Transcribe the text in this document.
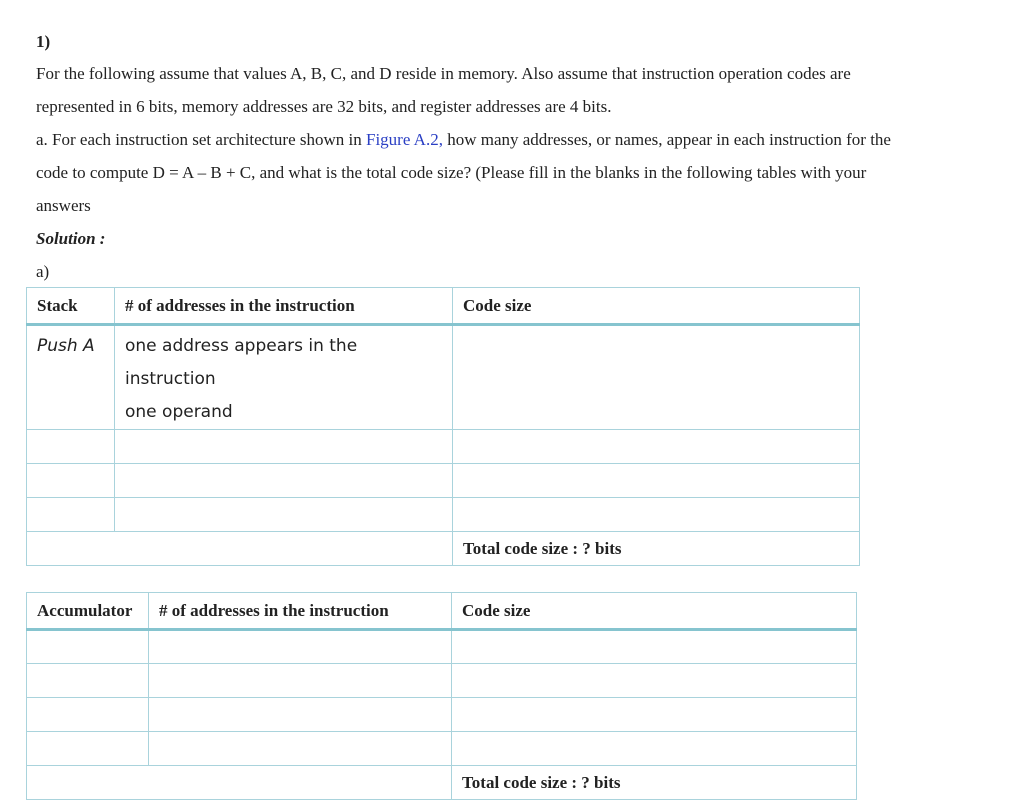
1)
For the following assume that values A, B, C, and D reside in memory. Also assume that instruction operation codes are
represented in 6 bits, memory addresses are 32 bits, and register addresses are 4 bits.
a. For each instruction set architecture shown in Figure A.2, how many addresses, or names, appear in each instruction for the
code to compute D = A – B + C, and what is the total code size? (Please fill in the blanks in the following tables with your
answers
Solution :
a)
Stack	# of addresses in the instruction	Code size

Push A	one address appears in the
instruction
one operand	

		Total code size : ? bits
Accumulator	# of addresses in the instruction	Code size

		Total code size : ? bits
